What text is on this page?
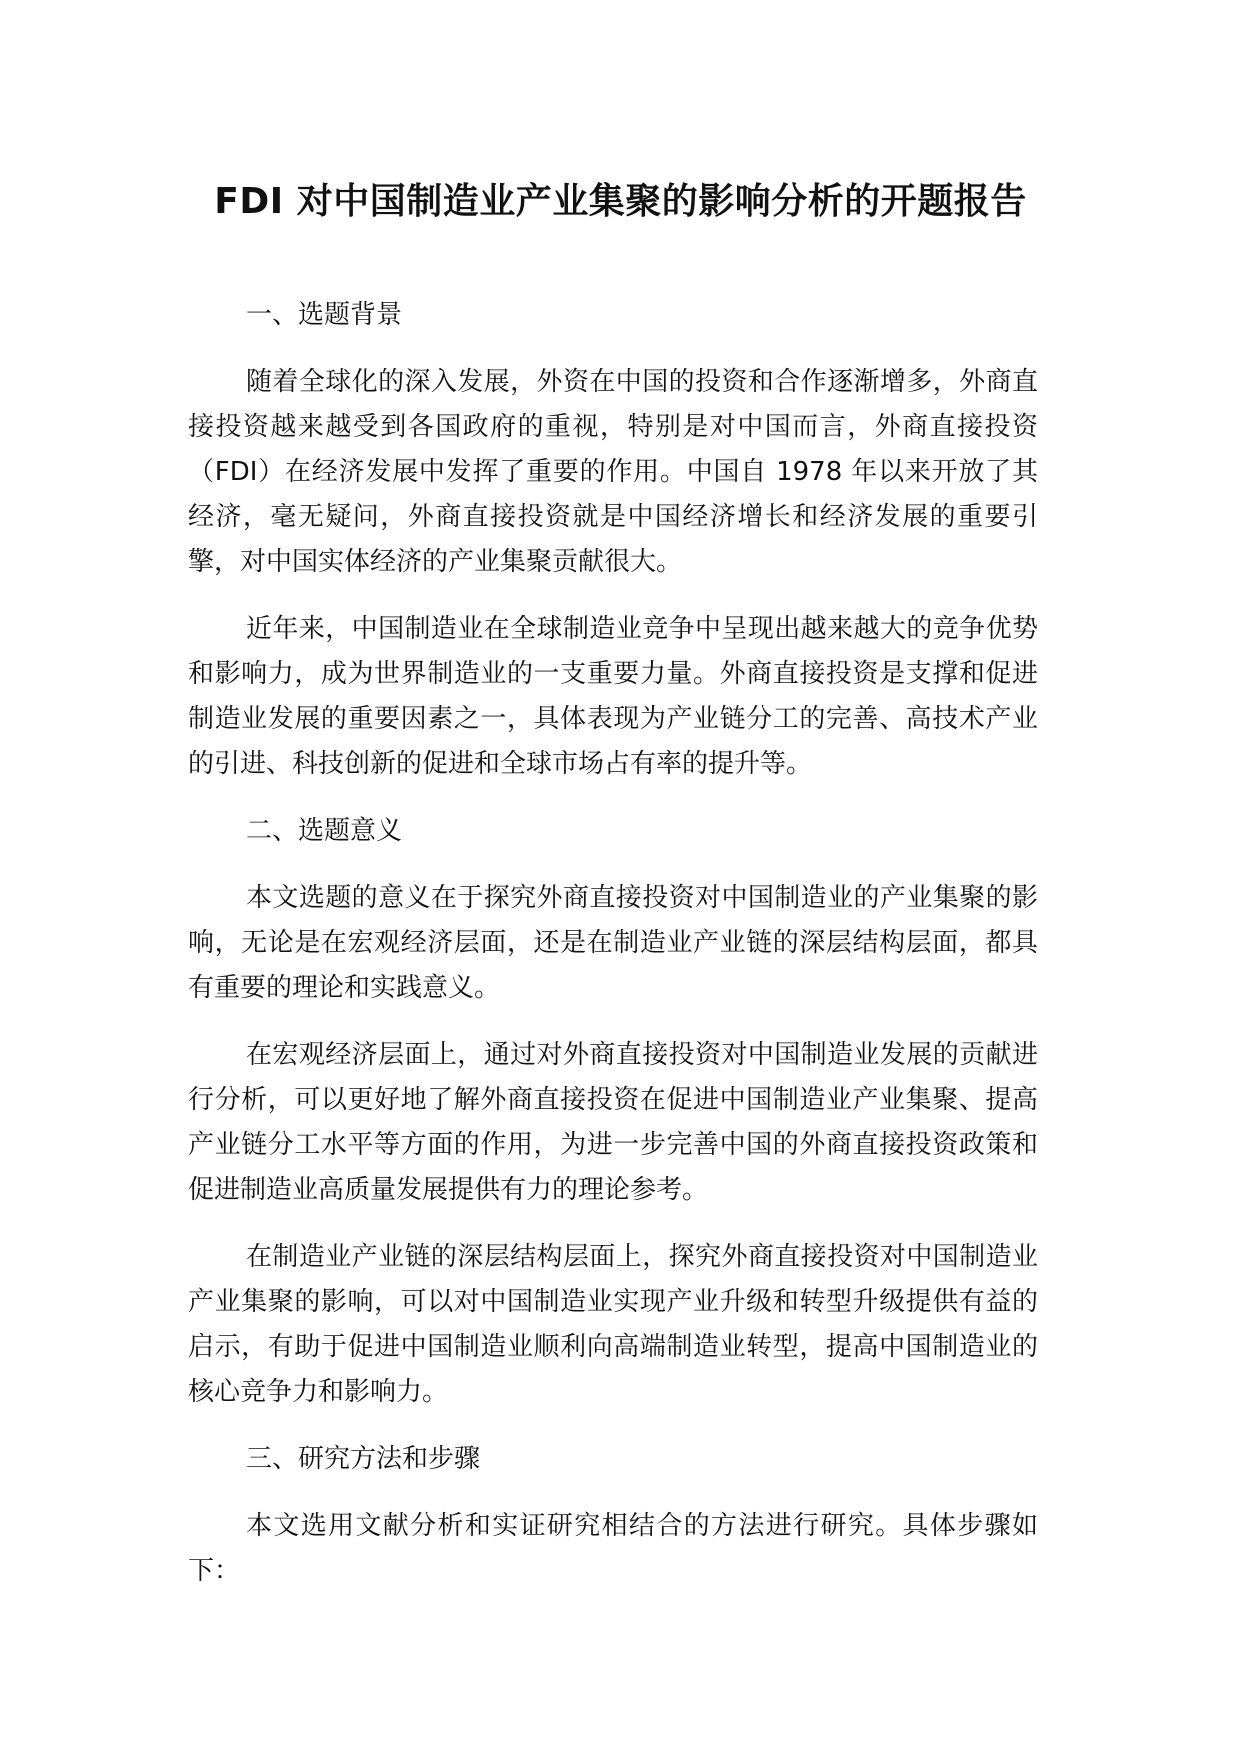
FDI 对中国制造业产业集聚的影响分析的开题报告
一、选题背景

随着全球化的深入发展，外资在中国的投资和合作逐渐增多，外商直接投资越来越受到各国政府的重视，特别是对中国而言，外商直接投资（FDI）在经济发展中发挥了重要的作用。中国自 1978 年以来开放了其经济，毫无疑问，外商直接投资就是中国经济增长和经济发展的重要引擎，对中国实体经济的产业集聚贡献很大。

近年来，中国制造业在全球制造业竞争中呈现出越来越大的竞争优势和影响力，成为世界制造业的一支重要力量。外商直接投资是支撑和促进制造业发展的重要因素之一，具体表现为产业链分工的完善、高技术产业的引进、科技创新的促进和全球市场占有率的提升等。

二、选题意义

本文选题的意义在于探究外商直接投资对中国制造业的产业集聚的影响，无论是在宏观经济层面，还是在制造业产业链的深层结构层面，都具有重要的理论和实践意义。

在宏观经济层面上，通过对外商直接投资对中国制造业发展的贡献进行分析，可以更好地了解外商直接投资在促进中国制造业产业集聚、提高产业链分工水平等方面的作用，为进一步完善中国的外商直接投资政策和促进制造业高质量发展提供有力的理论参考。

在制造业产业链的深层结构层面上，探究外商直接投资对中国制造业产业集聚的影响，可以对中国制造业实现产业升级和转型升级提供有益的启示，有助于促进中国制造业顺利向高端制造业转型，提高中国制造业的核心竞争力和影响力。

三、研究方法和步骤

本文选用文献分析和实证研究相结合的方法进行研究。具体步骤如下：
